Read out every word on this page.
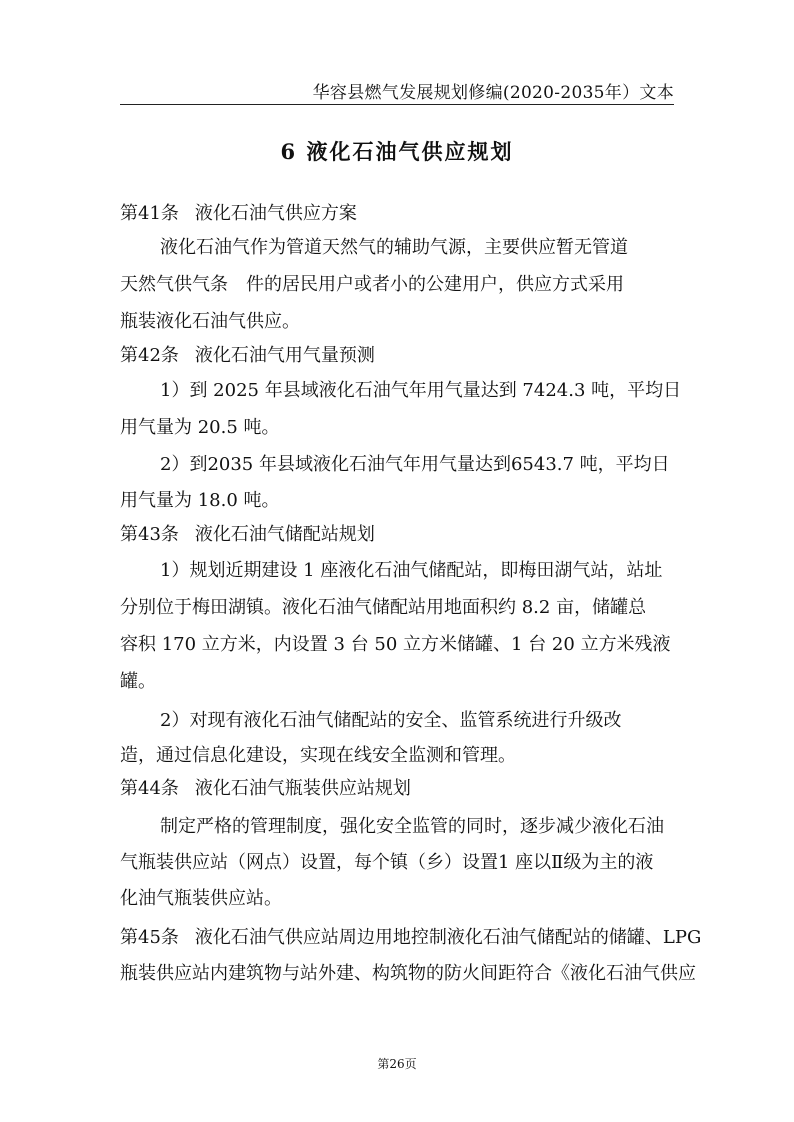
华容县燃气发展规划修编(2020-2035年）文本
6 液化石油气供应规划
第41条 液化石油气供应方案
液化石油气作为管道天然气的辅助气源，主要供应暂无管道
天然气供气条　件的居民用户或者小的公建用户，供应方式采用
瓶装液化石油气供应。
第42条 液化石油气用气量预测
1）到 2025 年县域液化石油气年用气量达到 7424.3 吨，平均日
用气量为 20.5 吨。
2）到2035 年县域液化石油气年用气量达到6543.7 吨，平均日
用气量为 18.0 吨。
第43条 液化石油气储配站规划
1）规划近期建设 1 座液化石油气储配站，即梅田湖气站，站址
分别位于梅田湖镇。液化石油气储配站用地面积约 8.2 亩，储罐总
容积 170 立方米，内设置 3 台 50 立方米储罐、1 台 20 立方米残液
罐。
2）对现有液化石油气储配站的安全、监管系统进行升级改
造，通过信息化建设，实现在线安全监测和管理。
第44条 液化石油气瓶装供应站规划
制定严格的管理制度，强化安全监管的同时，逐步减少液化石油
气瓶装供应站（网点）设置，每个镇（乡）设置1 座以Ⅱ级为主的液
化油气瓶装供应站。
第45条 液化石油气供应站周边用地控制液化石油气储配站的储罐、LPG
瓶装供应站内建筑物与站外建、构筑物的防火间距符合《液化石油气供应
第26页
